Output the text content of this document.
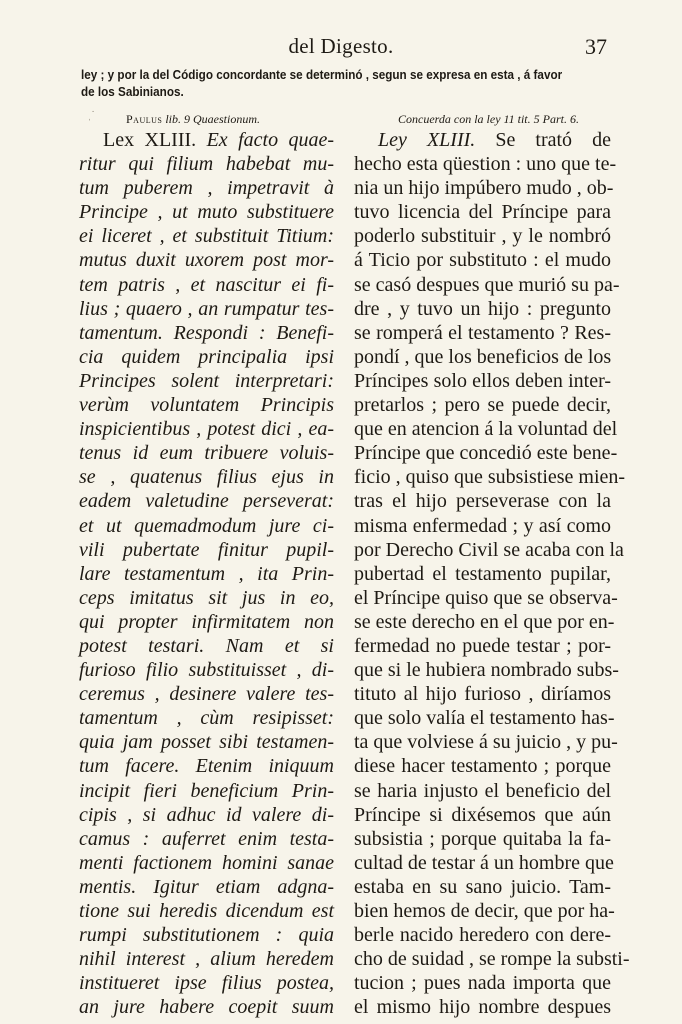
del Digesto.	37
ley ; y por la del Código concordante se determinó , segun se expresa en esta , á favor
de los Sabinianos.
Paulus lib. 9 Quaestionum.	Concuerda con la ley 11 tit. 5 Part. 6.
Lex XLIII. Ex facto quae-
ritur qui filium habebat mu-
tum puberem , impetravit à
Principe , ut muto substituere
ei liceret , et substituit Titium:
mutus duxit uxorem post mor-
tem patris , et nascitur ei fi-
lius ; quaero , an rumpatur tes-
tamentum. Respondi : Benefi-
cia quidem principalia ipsi
Principes solent interpretari:
verùm voluntatem Principis
inspicientibus , potest dici , ea-
tenus id eum tribuere voluis-
se , quatenus filius ejus in
eadem valetudine perseverat:
et ut quemadmodum jure ci-
vili pubertate finitur pupil-
lare testamentum , ita Prin-
ceps imitatus sit jus in eo,
qui propter infirmitatem non
potest testari. Nam et si
furioso filio substituisset , di-
ceremus , desinere valere tes-
tamentum , cùm resipisset:
quia jam posset sibi testamen-
tum facere. Etenim iniquum
incipit fieri beneficium Prin-
cipis , si adhuc id valere di-
camus : auferret enim testa-
menti factionem homini sanae
mentis. Igitur etiam adgna-
tione sui heredis dicendum est
rumpi substitutionem : quia
nihil interest , alium heredem
institueret ipse filius postea,
an jure habere coepit suum
Ley XLIII. Se trató de
hecho esta qüestion : uno que te-
nia un hijo impúbero mudo , ob-
tuvo licencia del Príncipe para
poderlo substituir , y le nombró
á Ticio por substituto : el mudo
se casó despues que murió su pa-
dre , y tuvo un hijo : pregunto
se romperá el testamento ? Res-
pondí , que los beneficios de los
Príncipes solo ellos deben inter-
pretarlos ; pero se puede decir,
que en atencion á la voluntad del
Príncipe que concedió este bene-
ficio , quiso que subsistiese mien-
tras el hijo perseverase con la
misma enfermedad ; y así como
por Derecho Civil se acaba con la
pubertad el testamento pupilar,
el Príncipe quiso que se observa-
se este derecho en el que por en-
fermedad no puede testar ; por-
que si le hubiera nombrado subs-
tituto al hijo furioso , diríamos
que solo valía el testamento has-
ta que volviese á su juicio , y pu-
diese hacer testamento ; porque
se haria injusto el beneficio del
Príncipe si dixésemos que aún
subsistia ; porque quitaba la fa-
cultad de testar á un hombre que
estaba en su sano juicio. Tam-
bien hemos de decir, que por ha-
berle nacido heredero con dere-
cho de suidad , se rompe la substi-
tucion ; pues nada importa que
el mismo hijo nombre despues
ˌ˙
